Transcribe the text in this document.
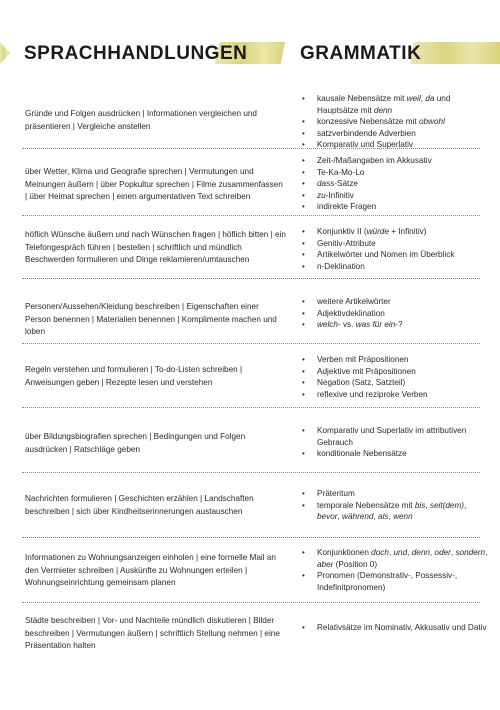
SPRACHHANDLUNGEN	GRAMMATIK
Gründe und Folgen ausdrücken | Informationen vergleichen und präsentieren | Vergleiche anstellen
• kausale Nebensätze mit weil, da und Hauptsätze mit denn
• konzessive Nebensätze mit obwohl
• satzverbindende Adverbien
• Komparativ und Superlativ
über Wetter, Klima und Geografie sprechen | Vermutungen und Meinungen äußern | über Popkultur sprechen | Filme zusammenfassen | über Heimat sprechen | einen argumentativen Text schreiben
• Zeit-/Maßangaben im Akkusativ
• Te-Ka-Mo-Lo
• dass-Sätze
• zu-Infinitiv
• indirekte Fragen
höflich Wünsche äußern und nach Wünschen fragen | höflich bitten | ein Telefongespräch führen | bestellen | schriftlich und mündlich Beschwerden formulieren und Dinge reklamieren/umtauschen
• Konjunktiv II (würde + Infinitiv)
• Genitiv-Attribute
• Artikelwörter und Nomen im Überblick
• n-Deklination
Personen/Aussehen/Kleidung beschreiben | Eigenschaften einer Person benennen | Materialien benennen | Komplimente machen und loben
• weitere Artikelwörter
• Adjektivdeklination
• welch- vs. was für ein-?
Regeln verstehen und formulieren | To-do-Listen schreiben | Anweisungen geben | Rezepte lesen und verstehen
• Verben mit Präpositionen
• Adjektive mit Präpositionen
• Negation (Satz, Satzteil)
• reflexive und reziproke Verben
über Bildungsbiografien sprechen | Bedingungen und Folgen ausdrücken | Ratschläge geben
• Komparativ und Superlativ im attributiven Gebrauch
• konditionale Nebensätze
Nachrichten formulieren | Geschichten erzählen | Landschaften beschreiben | sich über Kindheitserinnerungen austauschen
• Präteritum
• temporale Nebensätze mit bis, seit(dem), bevor, während, als, wenn
Informationen zu Wohnungsanzeigen einholen | eine formelle Mail an den Vermieter schreiben | Auskünfte zu Wohnungen erteilen | Wohnungseinrichtung gemeinsam planen
• Konjunktionen doch, und, denn, oder, sondern, aber (Position 0)
• Pronomen (Demonstrativ-, Possessiv-, Indefinitpronomen)
Städte beschreiben | Vor- und Nachteile mündlich diskutieren | Bilder beschreiben | Vermutungen äußern | schriftlich Stellung nehmen | eine Präsentation halten
• Relativsätze im Nominativ, Akkusativ und Dativ
